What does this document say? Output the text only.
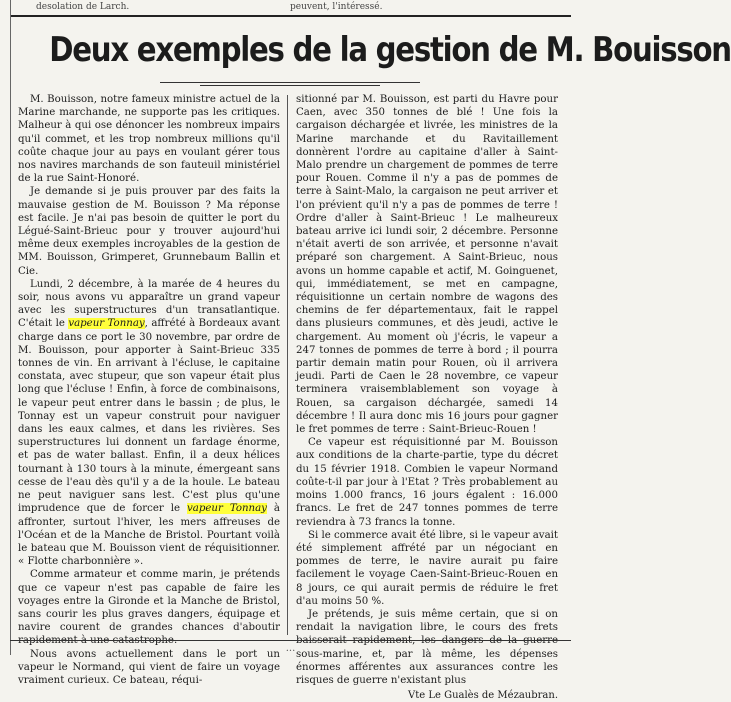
desolation de Larch.	peuvent, l'intéressé.
Deux exemples de la gestion de M. Bouisson

M. Bouisson, notre fameux ministre actuel de la Marine marchande, ne supporte pas les critiques. Malheur à qui ose dénoncer les nombreux impairs qu'il commet, et les trop nombreux millions qu'il coûte chaque jour au pays en voulant gérer tous nos navires marchands de son fauteuil ministériel de la rue Saint-Honoré.

Je demande si je puis prouver par des faits la mauvaise gestion de M. Bouisson ? Ma réponse est facile. Je n'ai pas besoin de quitter le port du Légué-Saint-Brieuc pour y trouver aujourd'hui même deux exemples incroyables de la gestion de MM. Bouisson, Grimperet, Grunnebaum Ballin et Cie.

Lundi, 2 décembre, à la marée de 4 heures du soir, nous avons vu apparaître un grand vapeur avec les superstructures d'un transatlantique. C'était le vapeur Tonnay, affrété à Bordeaux avant charge dans ce port le 30 novembre, par ordre de M. Bouisson, pour apporter à Saint-Brieuc 335 tonnes de vin. En arrivant à l'écluse, le capitaine constata, avec stupeur, que son vapeur était plus long que l'écluse ! Enfin, à force de combinaisons, le vapeur peut entrer dans le bassin ; de plus, le Tonnay est un vapeur construit pour naviguer dans les eaux calmes, et dans les rivières. Ses superstructures lui donnent un fardage énorme, et pas de water ballast. Enfin, il a deux hélices tournant à 130 tours à la minute, émergeant sans cesse de l'eau dès qu'il y a de la houle. Le bateau ne peut naviguer sans lest. C'est plus qu'une imprudence que de forcer le vapeur Tonnay à affronter, surtout l'hiver, les mers affreuses de l'Océan et de la Manche de Bristol. Pourtant voilà le bateau que M. Bouisson vient de réquisitionner. « Flotte charbonnière ».

Comme armateur et comme marin, je prétends que ce vapeur n'est pas capable de faire les voyages entre la Gironde et la Manche de Bristol, sans courir les plus graves dangers, équipage et navire courent de grandes chances d'aboutir

Nous avons actuellement dans le port un vapeur le Normand, qui vient de faire un voyage vraiment curieux. Ce bateau, réqui-

sitionné par M. Bouisson, est parti du Havre pour Caen, avec 350 tonnes de blé ! Une fois la cargaison déchargée et livrée, les ministres de la Marine marchande et du Ravitaillement donnèrent l'ordre au capitaine d'aller à Saint-Malo prendre un chargement de pommes de terre pour Rouen. Comme il n'y a pas de pommes de terre à Saint-Malo, la cargaison ne peut arriver et l'on prévient qu'il n'y a pas de pommes de terre ! Ordre d'aller à Saint-Brieuc ! Le malheureux bateau arrive ici lundi soir, 2 décembre. Personne n'était averti de son arrivée, et personne n'avait préparé son chargement. A Saint-Brieuc, nous avons un homme capable et actif, M. Goinguenet, qui, immédiatement, se met en campagne, réquisitionne un certain nombre de wagons des chemins de fer départementaux, fait le rappel dans plusieurs communes, et dès jeudi, active le chargement. Au moment où j'écris, le vapeur a 247 tonnes de pommes de terre à bord ; il pourra partir demain matin pour Rouen, où il arrivera jeudi. Parti de Caen le 28 novembre, ce vapeur terminera vraisemblablement son voyage à Rouen, sa cargaison déchargée, samedi 14 décembre ! Il aura donc mis 16 jours pour gagner le fret pommes de terre : Saint-Brieuc-Rouen !

Ce vapeur est réquisitionné par M. Bouisson aux conditions de la charte-partie, type du décret du 15 février 1918. Combien le vapeur Normand coûte-t-il par jour à l'Etat ? Très probablement au moins 1.000 francs, 16 jours égalent : 16.000 francs. Le fret de 247 tonnes pommes de terre reviendra à 73 francs la tonne.

Si le commerce avait été libre, si le vapeur avait été simplement affrété par un négociant en pommes de terre, le navire aurait pu faire facilement le voyage Caen-Saint-Brieuc-Rouen en 8 jours, ce qui aurait permis de réduire le fret d'au moins 50 %.

Je prétends, je suis même certain, que si on rendait la navigation libre, le cours des frets sous-marine, et, par là même, les dépenses énormes afférentes aux assurances contre les risques de guerre n'existant plus

Vte Le Gualès de Mézaubran.

...
